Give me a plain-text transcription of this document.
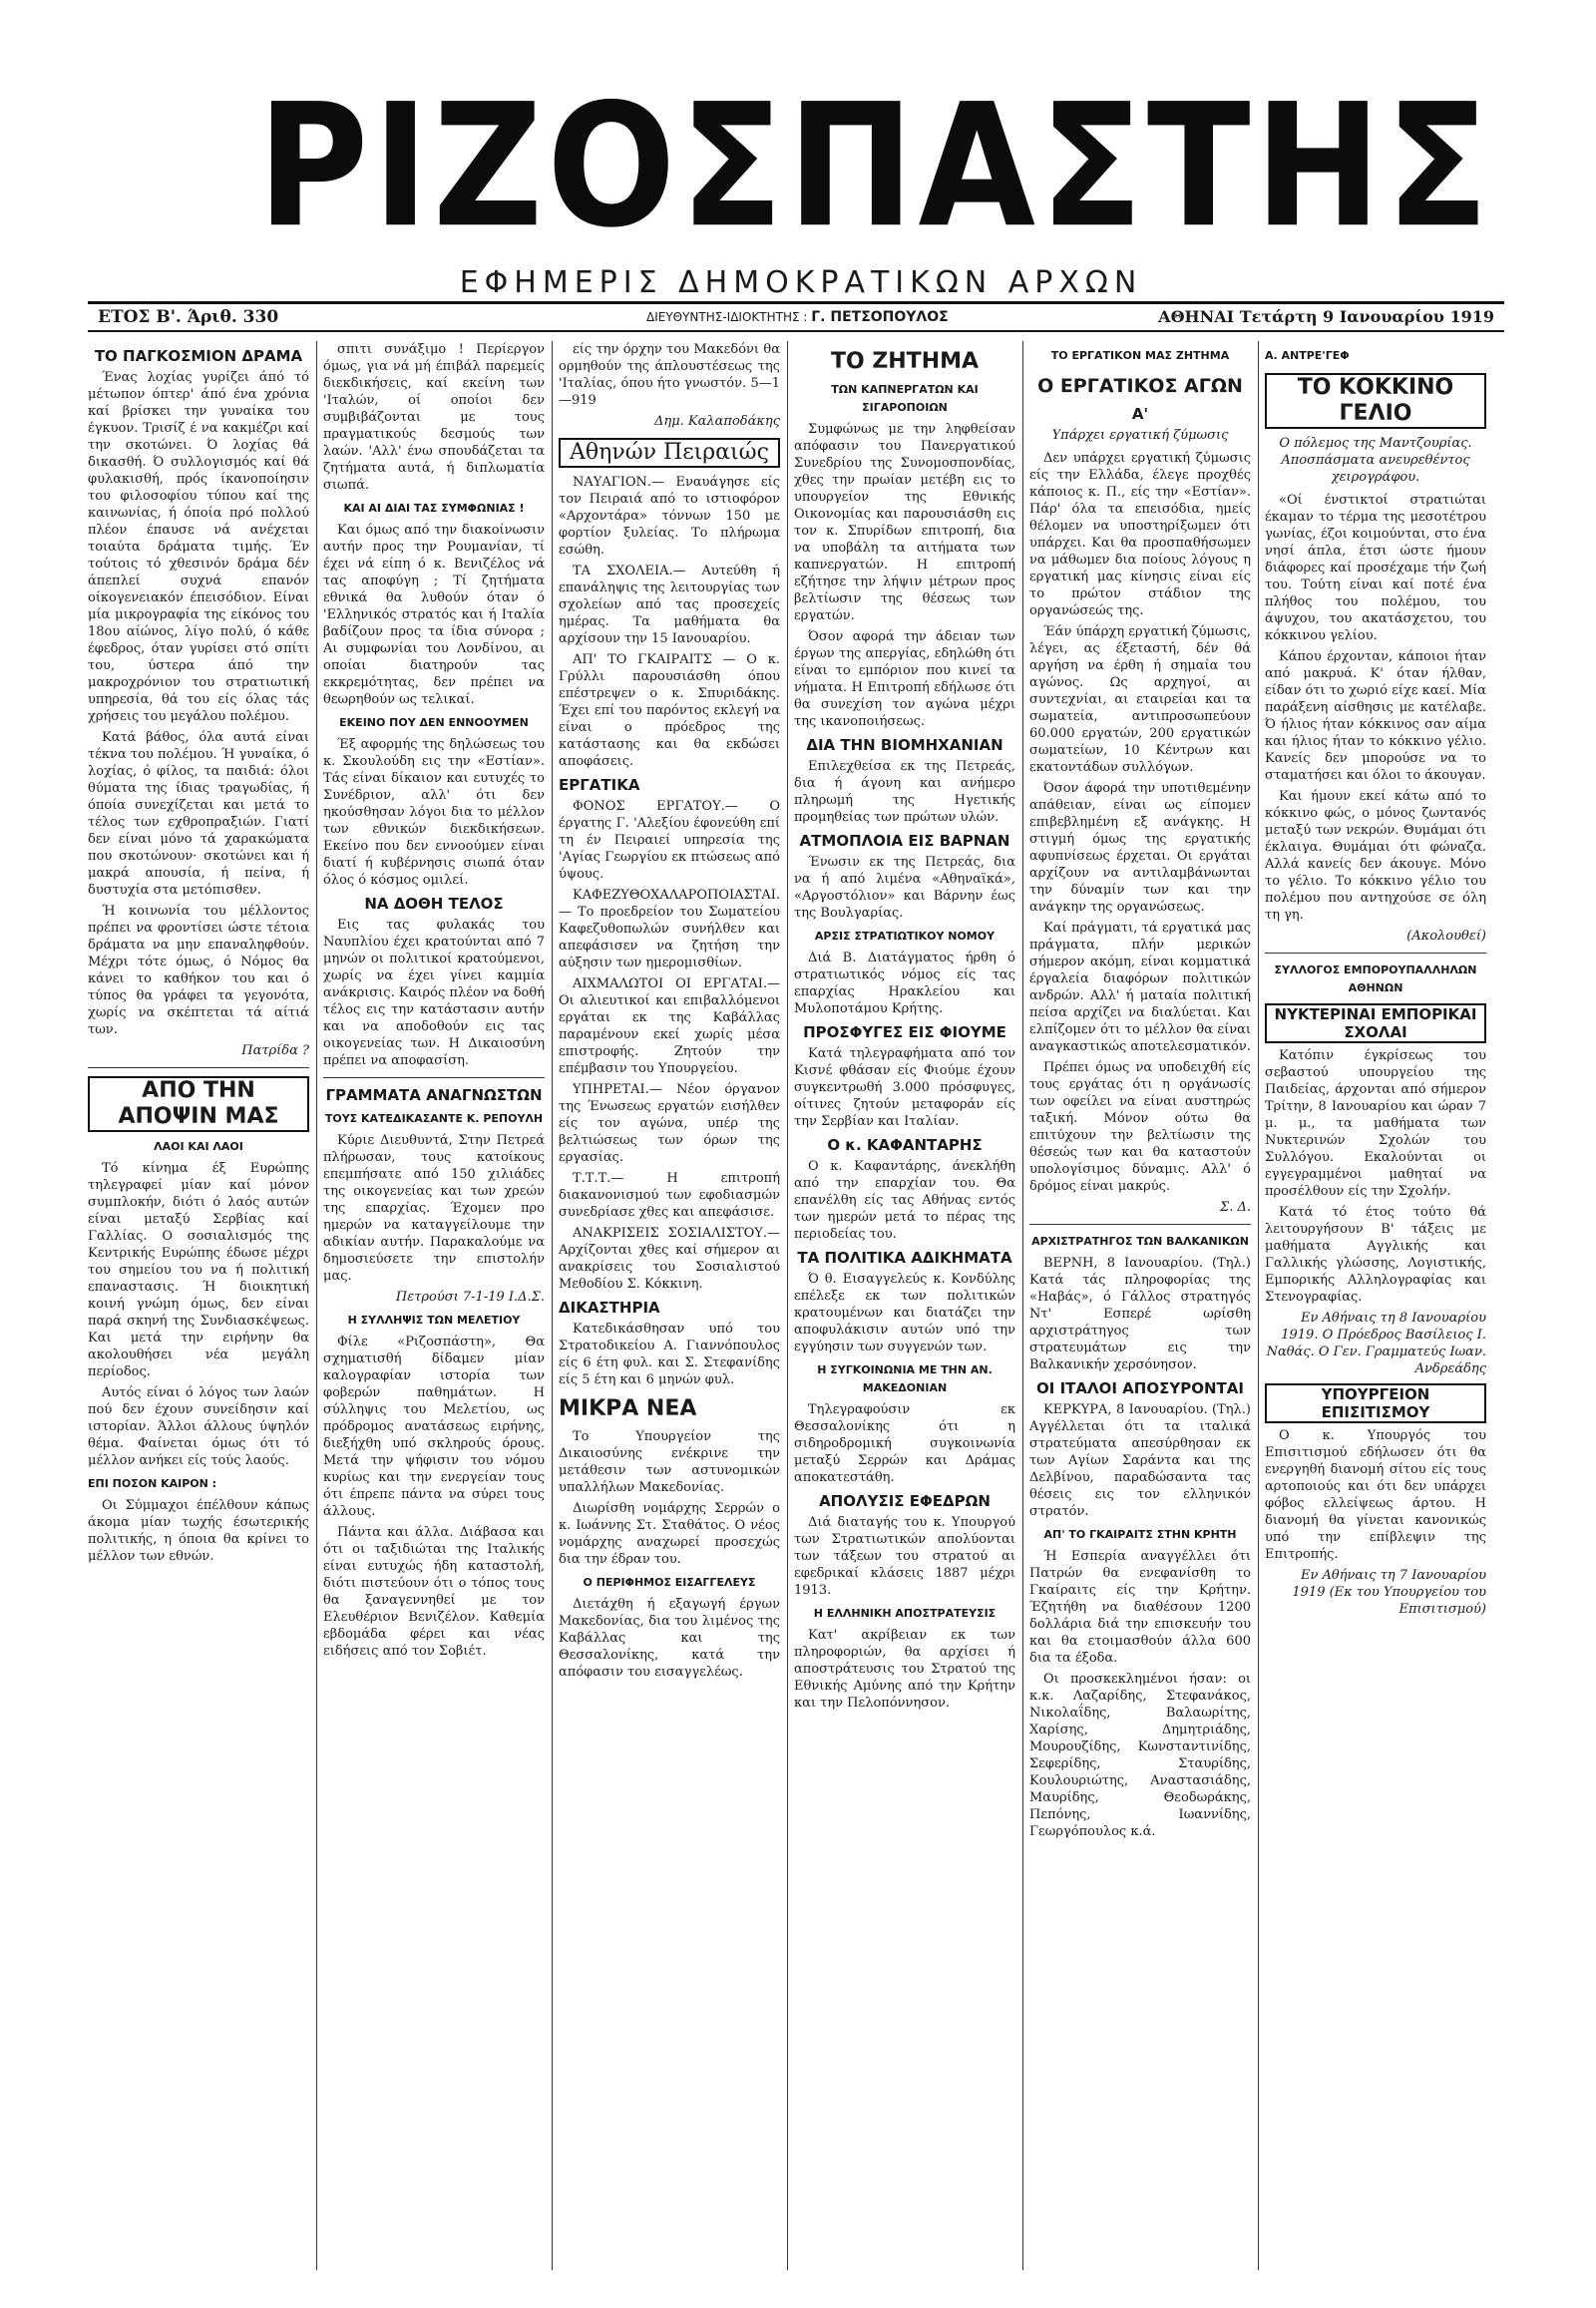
ΡΙΖΟΣΠΑΣΤΗΣ
ΕΦΗΜΕΡΙΣ ΔΗΜΟΚΡΑΤΙΚΩΝ ΑΡΧΩΝ
ΕΤΟΣ Β'. Άριθ. 330	ΔΙΕΥΘΥΝΤΗΣ-ΙΔΙΟΚΤΗΤΗΣ : Γ. ΠΕΤΣΟΠΟΥΛΟΣ	ΑΘΗΝΑΙ Τετάρτη 9 Ιανουαρίου 1919
ΤΟ ΠΑΓΚΟΣΜΙΟΝ ΔΡΑΜΑ

Ένας λοχίας γυρίζει άπό τό μέτωπον όπτερ' άπό ένα χρόνια καί βρίσκει την γυναίκα του έγκυον. Τρισίζ έ να κακμέζρι καί την σκοτώνει. Ό λοχίας θά δικασθή. Ό συλλογισμός καί θά φυλακισθή, πρός ίκανοποίησιν του φιλοσοφίου τύπου καί της καινωνίας, ή όποία πρό πολλού πλέον έπαυσε νά ανέχεται τοιαύτα δράματα τιμής. Έν τούτοις τό χθεσινόν δράμα δέν άπεπλεί συχνά επανόν οίκογενειακόν έπεισόδιον. Είναι μία μικρογραφία της είκόνος του 18ου αίώνος, λίγο πολύ, ό κάθε έφεδρος, όταν γυρίσει στό σπίτι του, ύστερα άπό την μακροχρόνιον του στρατιωτική υπηρεσία, θά του είς όλας τάς χρήσεις του μεγάλου πολέμου.

Κατά βάθος, όλα αυτά είναι τέκνα του πολέμου. Ή γυναίκα, ό λοχίας, ό φίλος, τα παιδιά: όλοι θύματα της ίδιας τραγωδίας, ή όποία συνεχίζεται και μετά το τέλος των εχθροπραξιών. Γιατί δεν είναι μόνο τά χαρακώματα που σκοτώνουν· σκοτώνει και ή μακρά απουσία, ή πείνα, ή δυστυχία στα μετόπισθεν.

Ή κοινωνία του μέλλοντος πρέπει να φροντίσει ώστε τέτοια δράματα να μην επαναληφθούν. Μέχρι τότε όμως, ό Νόμος θα κάνει το καθήκον του και ό τύπος θα γράφει τα γεγονότα, χωρίς να σκέπτεται τά αίτιά των.

Πατρίδα ?
ΑΠΟ ΤΗΝ ΑΠΟΨΙΝ ΜΑΣ
ΛΑΟΙ ΚΑΙ ΛΑΟΙ

Τό κίνημα έξ Ευρώπης τηλεγραφεί μίαν καί μόνον συμπλοκήν, διότι ό λαός αυτών είναι μεταξύ Σερβίας καί Γαλλίας. Ο σοσιαλισμός της Κεντρικής Ευρώπης έδωσε μέχρι του σημείου του να ή πολιτική επαναστασις. Ή διοικητική κοινή γνώμη όμως, δεν είναι παρά σκηνή της Συνδιασκέψεως. Και μετά την ειρήνην θα ακολουθήσει νέα μεγάλη περίοδος.

Αυτός είναι ό λόγος των λαών πού δεν έχουν συνείδησιν καί ιστορίαν. Άλλοι άλλους ύψηλόν θέμα. Φαίνεται όμως ότι τό μέλλον ανήκει είς τούς λαούς.

ΕΠΙ ΠΟΣΟΝ ΚΑΙΡΟΝ :

Οι Σύμμαχοι έπέλθουν κάπως άκομα μίαν τωχής έσωτερικής πολιτικής, η όποια θα κρίνει το μέλλον των εθνών.

σπιτι συνάξιμο ! Περίεργον όμως, για νά μή έπιβάλ παρεμείς διεκδικήσεις, καί εκείνη των 'Ιταλών, οί οποίοι δεν συμβιβάζονται με τους πραγματικούς δεσμούς των λαών. 'Αλλ' ένω σπουδάζεται τα ζητήματα αυτά, ή διπλωματία σιωπά.

ΚΑΙ ΑΙ ΔΙΑΙ ΤΑΣ ΣΥΜΦΩΝΙΑΣ !

Και όμως από την διακοίνωσιν αυτήν προς την Ρουμανίαν, τί έχει νά είπη ό κ. Βενιζέλος νά τας αποφύγη ; Τί ζητήματα εθνικά θα λυθούν όταν ό 'Ελληνικός στρατός και ή Ιταλία βαδίζουν προς τα ίδια σύνορα ; Αι συμφωνίαι του Λονδίνου, αι οποίαι διατηρούν τας εκκρεμότητας, δεν πρέπει να θεωρηθούν ως τελικαί.

ΕΚΕΙΝΟ ΠΟΥ ΔΕΝ ΕΝΝΟΟΥΜΕΝ

Έξ αφορμής της δηλώσεως του κ. Σκουλούδη εις την «Εστίαν». Τάς είναι δίκαιον και ευτυχές το Συνέδριον, αλλ' ότι δεν ηκούσθησαν λόγοι δια το μέλλον των εθνικών διεκδικήσεων. Εκείνο που δεν εννοούμεν είναι διατί ή κυβέρνησις σιωπά όταν όλος ό κόσμος ομιλεί.

ΝΑ ΔΟΘΗ ΤΕΛΟΣ

Εις τας φυλακάς του Ναυπλίου έχει κρατούνται από 7 μηνών οι πολιτικοί κρατούμενοι, χωρίς να έχει γίνει καμμία ανάκρισις. Καιρός πλέον να δοθή τέλος εις την κατάστασιν αυτήν και να αποδοθούν εις τας οικογενείας των. Η Δικαιοσύνη πρέπει να αποφασίση.

ΓΡΑΜΜΑΤΑ ΑΝΑΓΝΩΣΤΩΝ
ΤΟΥΣ ΚΑΤΕΔΙΚΑΣΑΝΤΕ Κ. ΡΕΠΟΥΛΗ

Κύριε Διευθυντά, Στην Πετρεά πλήρωσαν, τους κατοίκους επεμπήσατε από 150 χιλιάδες της οικογενείας και των χρεών της επαρχίας. Έχομεν προ ημερών να καταγγείλουμε την αδικίαν αυτήν. Παρακαλούμε να δημοσιεύσετε την επιστολήν μας.

Πετρούσι 7-1-19 Ι.Δ.Σ.
Η ΣΥΛΛΗΨΙΣ ΤΩΝ ΜΕΛΕΤΙΟΥ

Φίλε «Ριζοσπάστη», Θα σχηματισθή δίδαμεν μίαν καλογραφίαν ιστορία των φοβερών παθημάτων. Η σύλληψις του Μελετίου, ως πρόδρομος ανατάσεως ειρήνης, διεξήχθη υπό σκληρούς όρους. Μετά την ψήφισιν του νόμου κυρίως και την ενεργείαν τους ότι έπρεπε πάντα να σύρει τους άλλους.

Πάντα και άλλα. Διάβασα και ότι οι ταξιδιώται της Ιταλικής είναι ευτυχώς ήδη καταστολή, διότι πιστεύουν ότι ο τόπος τους θα ξαναγεννηθεί με τον Ελευθέριον Βενιζέλον. Καθεμία εβδομάδα φέρει και νέας ειδήσεις από τον Σοβιέτ.

είς την όρχην του Μακεδόνι θα ορμηθούν της άπλουστέσεως της 'Ιταλίας, όπου ήτο γνωστόν. 5—1—919

Δημ. Καλαποδάκης
Αθηνών Πειραιώς

ΝΑΥΑΓΙΟΝ.— Εναυάγησε είς τον Πειραιά από το ιστιοφόρον «Αρχοντάρα» τόννων 150 με φορτίον ξυλείας. Το πλήρωμα εσώθη.

ΤΑ ΣΧΟΛΕΙΑ.— Αυτεύθη ή επανάληψις της λειτουργίας των σχολείων από τας προσεχείς ημέρας. Τα μαθήματα θα αρχίσουν την 15 Ιανουαρίου.

ΑΠ' ΤΟ ΓΚΑΙΡΑΙΤΣ — Ο κ. Γρύλλι παρουσιάσθη όπου επέστρεψεν ο κ. Σπυριδάκης. Έχει επί του παρόντος εκλεγή να είναι ο πρόεδρος της κατάστασης και θα εκδώσει αποφάσεις.

ΕΡΓΑΤΙΚΑ

ΦΟΝΟΣ ΕΡΓΑΤΟΥ.— Ο έργατης Γ. 'Αλεξίου έφονεύθη επί τη έν Πειραιεί υπηρεσία της 'Αγίας Γεωργίου εκ πτώσεως από ύψους.

ΚΑΦΕΖΥΘΟΧΑΛΑΡΟΠΟΙΑΣΤΑΙ.— Το προεδρείον του Σωματείου Καφεζυθοπωλών συνήλθεν και απεφάσισεν να ζητήση την αύξησιν των ημερομισθίων.

ΑΙΧΜΑΛΩΤΟΙ ΟΙ ΕΡΓΑΤΑΙ.— Οι αλιευτικοί και επιβαλλόμενοι εργάται εκ της Καβάλλας παραμένουν εκεί χωρίς μέσα επιστροφής. Ζητούν την επέμβασιν του Υπουργείου.

ΥΠΗΡΕΤΑΙ.— Νέον όργανον της Ένωσεως εργατών εισήλθεν είς τον αγώνα, υπέρ της βελτιώσεως των όρων της εργασίας.

Τ.Τ.Τ.— Η επιτροπή διακανονισμού των εφοδιασμών συνεδρίασε χθες και απεφάσισε.

ΑΝΑΚΡΙΣΕΙΣ ΣΟΣΙΑΛΙΣΤΟΥ.— Αρχίζονται χθες καί σήμερον αι ανακρίσεις του Σοσιαλιστού Μεθοδίου Σ. Κόκκινη.

ΔΙΚΑΣΤΗΡΙΑ

Κατεδικάσθησαν υπό του Στρατοδικείου Α. Γιαννόπουλος είς 6 έτη φυλ. και Σ. Στεφανίδης είς 5 έτη και 6 μηνών φυλ.

ΜΙΚΡΑ ΝΕΑ

Το Υπουργείον της Δικαιοσύνης ενέκρινε την μετάθεσιν των αστυνομικών υπαλλήλων Μακεδονίας.

Διωρίσθη νομάρχης Σερρών ο κ. Ιωάννης Στ. Σταθάτος. Ο νέος νομάρχης αναχωρεί προσεχώς δια την έδραν του.

Ο ΠΕΡΙΦΗΜΟΣ ΕΙΣΑΓΓΕΛΕΥΣ

Διετάχθη ή εξαγωγή έργων Μακεδονίας, δια του λιμένος της Καβάλλας και της Θεσσαλονίκης, κατά την απόφασιν του εισαγγελέως.

ΤΟ ΖΗΤΗΜΑ
ΤΩΝ ΚΑΠΝΕΡΓΑΤΩΝ ΚΑΙ ΣΙΓΑΡΟΠΟΙΩΝ

Συμφώνως με την ληφθείσαν απόφασιν του Πανεργατικού Συνεδρίου της Συνομοσπονδίας, χθες την πρωίαν μετέβη εις το υπουργείον της Εθνικής Οικονομίας και παρουσιάσθη εις τον κ. Σπυρίδων επιτροπή, δια να υποβάλη τα αιτήματα των καπνεργατών. Η επιτροπή εζήτησε την λήψιν μέτρων προς βελτίωσιν της θέσεως των εργατών.

Όσον αφορά την άδειαν των έργων της απεργίας, εδηλώθη ότι είναι το εμπόριον που κινεί τα νήματα. Η Επιτροπή εδήλωσε ότι θα συνεχίση τον αγώνα μέχρι της ικανοποιήσεως.

ΔΙΑ ΤΗΝ ΒΙΟΜΗΧΑΝΙΑΝ

Επιλεχθείσα εκ της Πετρεάς, δια ή άγονη και ανήμερο πληρωμή της Ηγετικής προμηθείας των πρώτων υλών.

ΑΤΜΟΠΛΟΙΑ ΕΙΣ ΒΑΡΝΑΝ

Ένωσιν εκ της Πετρεάς, δια να ή από λιμένα «Αθηναϊκά», «Αργοστόλιον» και Βάρνην έως της Βουλγαρίας.

ΑΡΣΙΣ ΣΤΡΑΤΙΩΤΙΚΟΥ ΝΟΜΟΥ

Διά Β. Διατάγματος ήρθη ό στρατιωτικός νόμος είς τας επαρχίας Ηρακλείου και Μυλοποτάμου Κρήτης.

ΠΡΟΣΦΥΓΕΣ ΕΙΣ ΦΙΟΥΜΕ

Κατά τηλεγραφήματα από τον Κισνέ φθάσαν είς Φιούμε έχουν συγκεντρωθή 3.000 πρόσφυγες, οίτινες ζητούν μεταφοράν είς την Σερβίαν και Ιταλίαν.

Ο κ. ΚΑΦΑΝΤΑΡΗΣ

Ο κ. Καφαντάρης, άνεκλήθη από την επαρχίαν του. Θα επανέλθη είς τας Αθήνας εντός των ημερών μετά το πέρας της περιοδείας του.

ΤΑ ΠΟΛΙΤΙΚΑ ΑΔΙΚΗΜΑΤΑ

Ό θ. Εισαγγελεύς κ. Κονδύλης επέλεξε εκ των πολιτικών κρατουμένων και διατάζει την αποφυλάκισιν αυτών υπό την εγγύησιν των συγγενών των.

Η ΣΥΓΚΟΙΝΩΝΙΑ ΜΕ ΤΗΝ ΑΝ. ΜΑΚΕΔΟΝΙΑΝ

Τηλεγραφούσιν εκ Θεσσαλονίκης ότι η σιδηροδρομική συγκοινωνία μεταξύ Σερρών και Δράμας αποκατεστάθη.

ΑΠΟΛΥΣΙΣ ΕΦΕΔΡΩΝ

Διά διαταγής του κ. Υπουργού των Στρατιωτικών απολύονται των τάξεων του στρατού αι εφεδρικαί κλάσεις 1887 μέχρι 1913.

Η ΕΛΛΗΝΙΚΗ ΑΠΟΣΤΡΑΤΕΥΣΙΣ

Κατ' ακρίβειαν εκ των πληροφοριών, θα αρχίσει ή αποστράτευσις του Στρατού της Εθνικής Αμύνης από την Κρήτην και την Πελοπόννησον.

ΤΟ ΕΡΓΑΤΙΚΟΝ ΜΑΣ ΖΗΤΗΜΑ
Ο ΕΡΓΑΤΙΚΟΣ ΑΓΩΝ
Α'
Υπάρχει εργατική ζύμωσις

Δεν υπάρχει εργατική ζύμωσις είς την Ελλάδα, έλεγε προχθές κάποιος κ. Π., είς την «Εστίαν». Πάρ' όλα τα επεισόδια, ημείς θέλομεν να υποστηρίξωμεν ότι υπάρχει. Και θα προσπαθήσωμεν να μάθωμεν δια ποίους λόγους η εργατική μας κίνησις είναι είς το πρώτον στάδιον της οργανώσεώς της.

Έάν ύπάρχη εργατική ζύμωσις, λέγει, ας έξεταστή, δέν θά αργήση να έρθη ή σημαία του αγώνος. Ως αρχηγοί, αι συντεχνίαι, αι εταιρείαι και τα σωματεία, αντιπροσωπεύουν 60.000 εργατών, 200 εργατικών σωματείων, 10 Κέντρων και εκατοντάδων συλλόγων.

Όσον άφορά την υποτιθεμένην απάθειαν, είναι ως είπομεν επιβεβλημένη εξ ανάγκης. Η στιγμή όμως της εργατικής αφυπνίσεως έρχεται. Οι εργάται αρχίζουν να αντιλαμβάνωνται την δύναμίν των και την ανάγκην της οργανώσεως.

Καί πράγματι, τά εργατικά μας πράγματα, πλήν μερικών σήμερον ακόμη, είναι κομματικά έργαλεία διαφόρων πολιτικών ανδρών. Αλλ' ή ματαία πολιτική πείσα αρχίζει να διαλύεται. Και ελπίζομεν ότι το μέλλον θα είναι αναγκαστικώς αποτελεσματικόν.

Πρέπει όμως να υποδειχθή είς τους εργάτας ότι η οργάνωσίς των οφείλει να είναι αυστηρώς ταξική. Μόνον ούτω θα επιτύχουν την βελτίωσιν της θέσεώς των και θα καταστούν υπολογίσιμος δύναμις. Αλλ' ό δρόμος είναι μακρύς.

Σ. Δ.
ΑΡΧΙΣΤΡΑΤΗΓΟΣ ΤΩΝ ΒΑΛΚΑΝΙΚΩΝ

ΒΕΡΝΗ, 8 Ιανουαρίου. (Τηλ.) Κατά τάς πληροφορίας της «Ηαβάς», ό Γάλλος στρατηγός Ντ' Εσπερέ ωρίσθη αρχιστράτηγος των στρατευμάτων εις την Βαλκανικήν χερσόνησον.

ΟΙ ΙΤΑΛΟΙ ΑΠΟΣΥΡΟΝΤΑΙ

ΚΕΡΚΥΡΑ, 8 Ιανουαρίου. (Τηλ.) Αγγέλλεται ότι τα ιταλικά στρατεύματα απεσύρθησαν εκ των Αγίων Σαράντα και της Δελβίνου, παραδώσαντα τας θέσεις εις τον ελληνικόν στρατόν.

ΑΠ' ΤΟ ΓΚΑΙΡΑΙΤΣ ΣΤΗΝ ΚΡΗΤΗ

Ή Εσπερία αναγγέλλει ότι Πατρών θα ενεφανίσθη το Γκαίραιτς είς την Κρήτην. Έζητήθη να διαθέσουν 1200 δολλάρια διά την επισκευήν του και θα ετοιμασθούν άλλα 600 δια τα έξοδα.

Οι προσκεκλημένοι ήσαν: οι κ.κ. Λαζαρίδης, Στεφανάκος, Νικολαΐδης, Βαλαωρίτης, Χαρίσης, Δημητριάδης, Μουρουζίδης, Κωνσταντινίδης, Σεφερίδης, Σταυρίδης, Κουλουριώτης, Αναστασιάδης, Μαυρίδης, Θεοδωράκης, Πεπόνης, Ιωαννίδης, Γεωργόπουλος κ.ά.

Α. ΑΝΤΡΕ'ΓΕΦ
ΤΟ ΚΟΚΚΙΝΟ ΓΕΛΙΟ
Ο πόλεμος της Μαντζουρίας. Αποσπάσματα ανευρεθέντος χειρογράφου.

«Οί ένστικτοί στρατιώται έκαμαν το τέρμα της μεσοτέτρου γωνίας, έζοι κοιμούνται, στο ένα νησί άπλα, έτσι ώστε ήμουν διάφορες καί προσέχαμε τήν ζωή του. Τούτη είναι καί ποτέ ένα πλήθος του πολέμου, του άψυχου, του ακατάσχετου, του κόκκινου γελίου.

Κάπου έρχονταν, κάποιοι ήταν από μακρυά. Κ' όταν ήλθαν, είδαν ότι το χωριό είχε καεί. Μία παράξενη αίσθησις με κατέλαβε. Ό ήλιος ήταν κόκκινος σαν αίμα και ήλιος ήταν το κόκκινο γέλιο. Κανείς δεν μπορούσε να το σταματήσει και όλοι το άκουγαν.

Και ήμουν εκεί κάτω από το κόκκινο φώς, ο μόνος ζωντανός μεταξύ των νεκρών. Θυμάμαι ότι έκλαιγα. Θυμάμαι ότι φώναζα. Αλλά κανείς δεν άκουγε. Μόνο το γέλιο. Το κόκκινο γέλιο του πολέμου που αντηχούσε σε όλη τη γη.

(Ακολουθεί)
ΣΥΛΛΟΓΟΣ ΕΜΠΟΡΟΥΠΑΛΛΗΛΩΝ ΑΘΗΝΩΝ
ΝΥΚΤΕΡΙΝΑΙ ΕΜΠΟΡΙΚΑΙ ΣΧΟΛΑΙ

Κατόπιν έγκρίσεως του σεβαστού υπουργείου της Παιδείας, άρχονται από σήμερον Τρίτην, 8 Ιανουαρίου και ώραν 7 μ. μ., τα μαθήματα των Νυκτερινών Σχολών του Συλλόγου. Εκαλούνται οι εγγεγραμμένοι μαθηταί να προσέλθουν είς την Σχολήν.

Κατά τό έτος τούτο θά λειτουργήσουν Β' τάξεις με μαθήματα Αγγλικής και Γαλλικής γλώσσης, Λογιστικής, Εμπορικής Αλληλογραφίας και Στενογραφίας.

Εν Αθήναις τη 8 Ιανουαρίου 1919. Ο Πρόεδρος Βασίλειος Ι. Ναθάς. Ο Γεν. Γραμματεύς Ιωαν. Ανδρεάδης
ΥΠΟΥΡΓΕΙΟΝ ΕΠΙΣΙΤΙΣΜΟΥ

Ο κ. Υπουργός του Επισιτισμού εδήλωσεν ότι θα ενεργηθή διανομή σίτου είς τους αρτοποιούς και ότι δεν υπάρχει φόβος ελλείψεως άρτου. Η διανομή θα γίνεται κανονικώς υπό την επίβλεψιν της Επιτροπής.

Εν Αθήναις τη 7 Ιανουαρίου 1919 (Εκ του Υπουργείου του Επισιτισμού)
